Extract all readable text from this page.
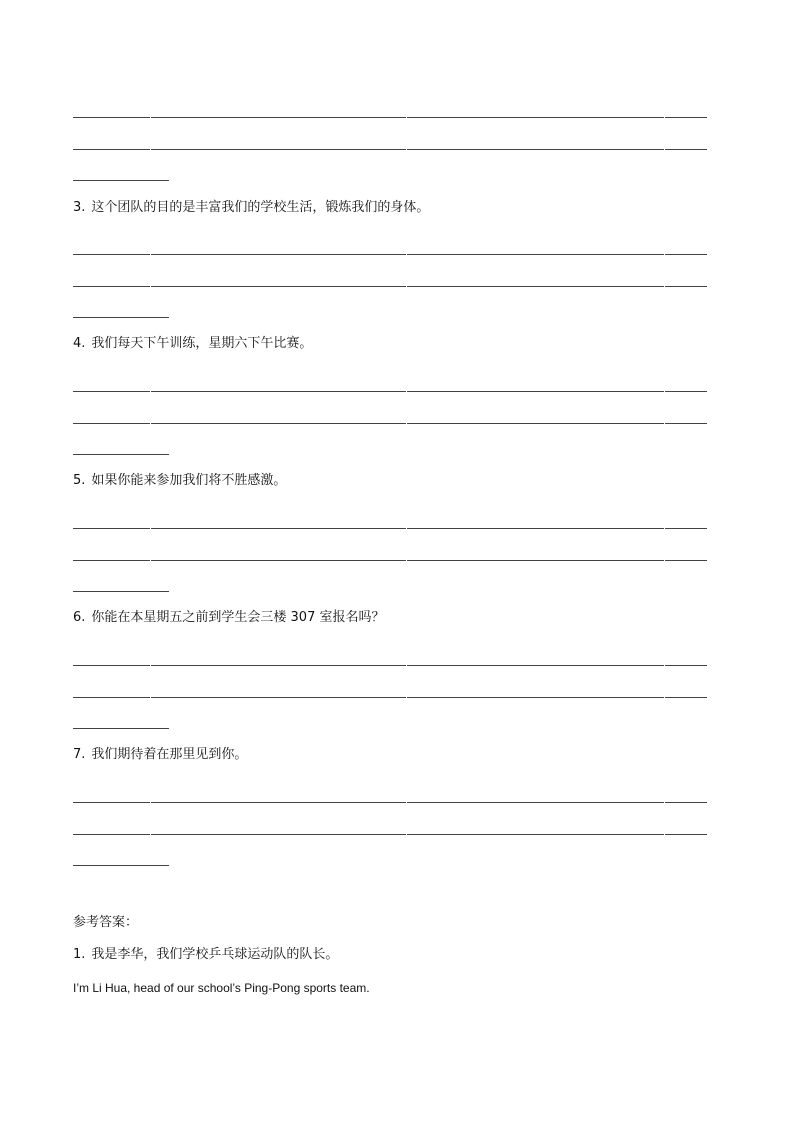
3. 这个团队的目的是丰富我们的学校生活，锻炼我们的身体。
4. 我们每天下午训练，星期六下午比赛。
5. 如果你能来参加我们将不胜感激。
6. 你能在本星期五之前到学生会三楼 307 室报名吗？
7. 我们期待着在那里见到你。
参考答案：
1. 我是李华，我们学校乒乓球运动队的队长。
I’m Li Hua, head of our school’s Ping-Pong sports team.
